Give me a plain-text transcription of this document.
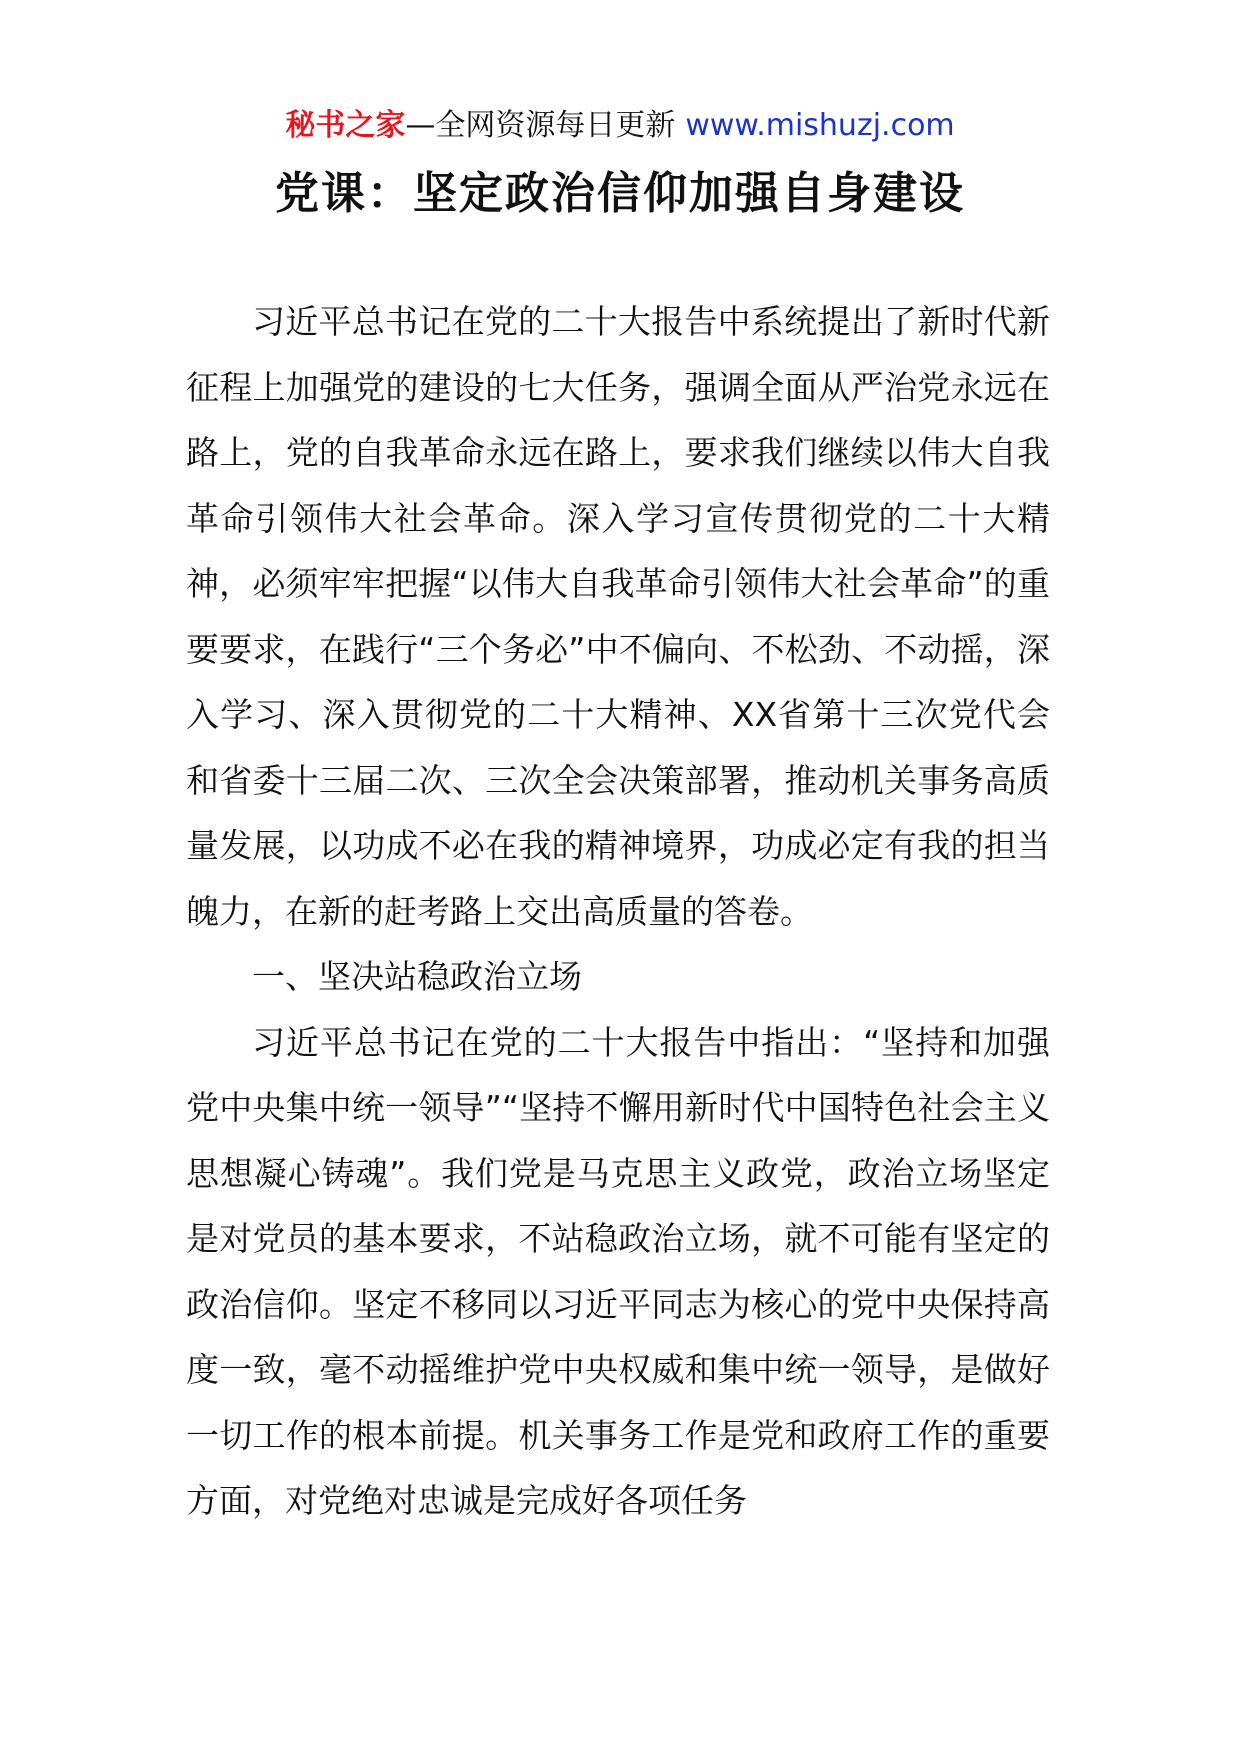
秘书之家—全网资源每日更新 www.mishuzj.com
党课：坚定政治信仰加强自身建设

习近平总书记在党的二十大报告中系统提出了新时代新征程上加强党的建设的七大任务，强调全面从严治党永远在路上，党的自我革命永远在路上，要求我们继续以伟大自我革命引领伟大社会革命。深入学习宣传贯彻党的二十大精神，必须牢牢把握“以伟大自我革命引领伟大社会革命”的重要要求，在践行“三个务必”中不偏向、不松劲、不动摇，深入学习、深入贯彻党的二十大精神、XX省第十三次党代会和省委十三届二次、三次全会决策部署，推动机关事务高质量发展，以功成不必在我的精神境界，功成必定有我的担当魄力，在新的赶考路上交出高质量的答卷。

一、坚决站稳政治立场

习近平总书记在党的二十大报告中指出：“坚持和加强党中央集中统一领导”“坚持不懈用新时代中国特色社会主义思想凝心铸魂”。我们党是马克思主义政党，政治立场坚定是对党员的基本要求，不站稳政治立场，就不可能有坚定的政治信仰。坚定不移同以习近平同志为核心的党中央保持高度一致，毫不动摇维护党中央权威和集中统一领导，是做好一切工作的根本前提。机关事务工作是党和政府工作的重要方面，对党绝对忠诚是完成好各项任务
